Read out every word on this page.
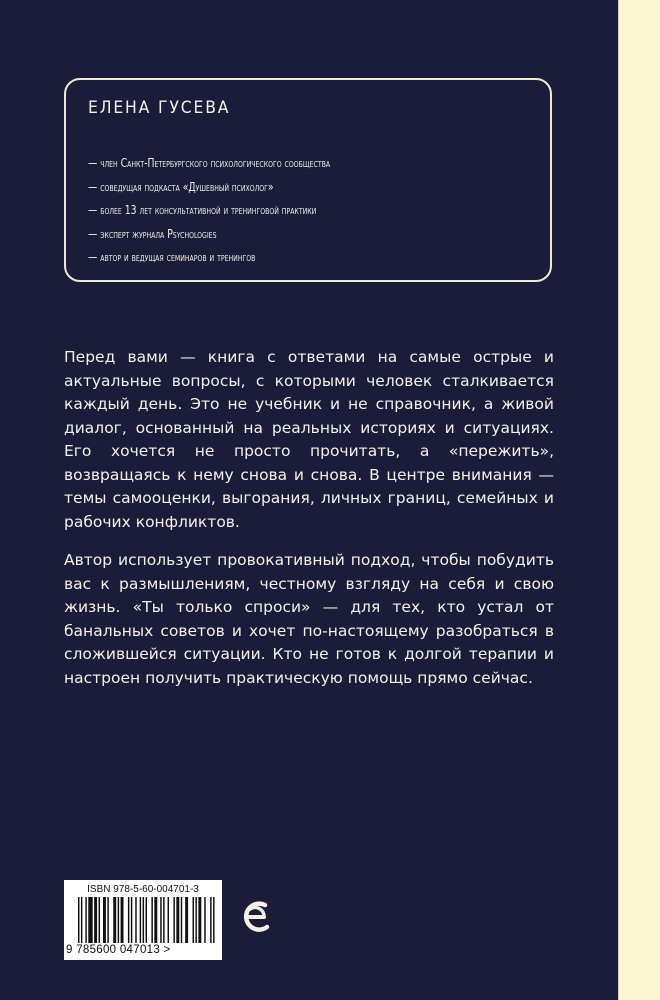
ЕЛЕНА ГУСЕВА
— член Санкт-Петербургского психологического сообщества
— соведущая подкаста «Душевный психолог»
— более 13 лет консультативной и тренинговой практики
— эксперт журнала Psychologies
— автор и ведущая семинаров и тренингов

Перед вами — книга с ответами на самые острые и актуальные вопросы, с которыми человек сталкивается каждый день. Это не учебник и не справочник, а живой диалог, основанный на реальных историях и ситуациях. Его хочется не просто прочитать, а «пережить», возвращаясь к нему снова и снова. В центре внимания — темы самооценки, выгорания, личных границ, семейных и рабочих конфликтов.

Автор использует провокативный подход, чтобы побудить вас к размышлениям, честному взгляду на себя и свою жизнь. «Ты только спроси» — для тех, кто устал от банальных советов и хочет по-настоящему разобраться в сложившейся ситуации. Кто не готов к долгой терапии и настроен получить практическую помощь прямо сейчас.

ISBN 978-5-60-004701-3
9 785600 047013 >
